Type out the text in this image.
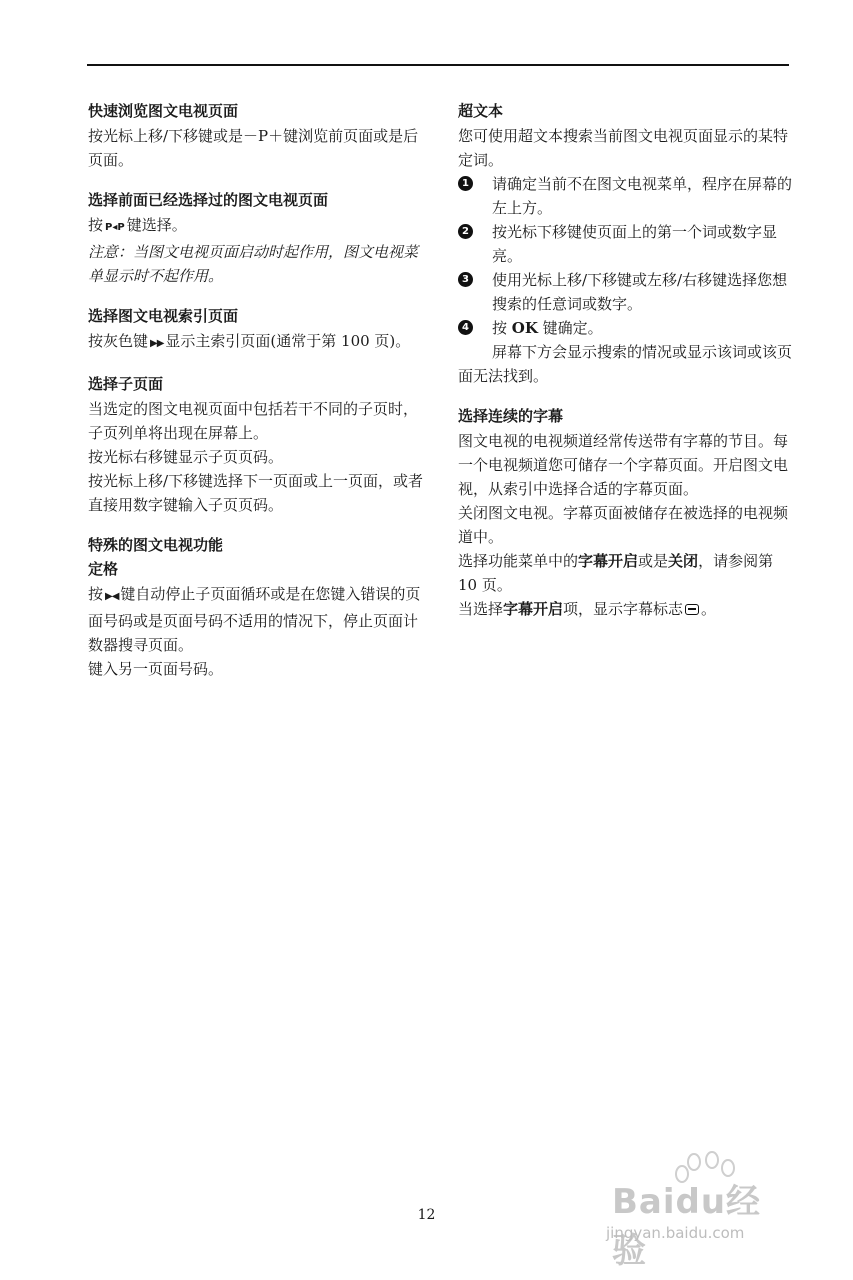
快速浏览图文电视页面

按光标上移/下移键或是－P＋键浏览前页面或是后页面。

选择前面已经选择过的图文电视页面

按 P◂P 键选择。

注意：当图文电视页面启动时起作用，图文电视菜单显示时不起作用。

选择图文电视索引页面

按灰色键 ▶▶ 显示主索引页面(通常于第 100 页)。

选择子页面

当选定的图文电视页面中包括若干不同的子页时，子页列单将出现在屏幕上。

按光标右移键显示子页页码。

按光标上移/下移键选择下一页面或上一页面，或者直接用数字键输入子页页码。

特殊的图文电视功能
定格

按 ▶◀ 键自动停止子页面循环或是在您键入错误的页面号码或是页面号码不适用的情况下，停止页面计数器搜寻页面。

键入另一页面号码。

超文本

您可使用超文本搜索当前图文电视页面显示的某特定词。

1 请确定当前不在图文电视菜单，程序在屏幕的左上方。
2 按光标下移键使页面上的第一个词或数字显亮。
3 使用光标上移/下移键或左移/右移键选择您想搜索的任意词或数字。
4 按 OK 键确定。

屏幕下方会显示搜索的情况或显示该词或该页面无法找到。

选择连续的字幕

图文电视的电视频道经常传送带有字幕的节目。每一个电视频道您可储存一个字幕页面。开启图文电视，从索引中选择合适的字幕页面。

关闭图文电视。字幕页面被储存在被选择的电视频道中。

选择功能菜单中的字幕开启或是关闭，请参阅第 10 页。

当选择字幕开启项，显示字幕标志 。

12	Baidu经验
jingyan.baidu.com
